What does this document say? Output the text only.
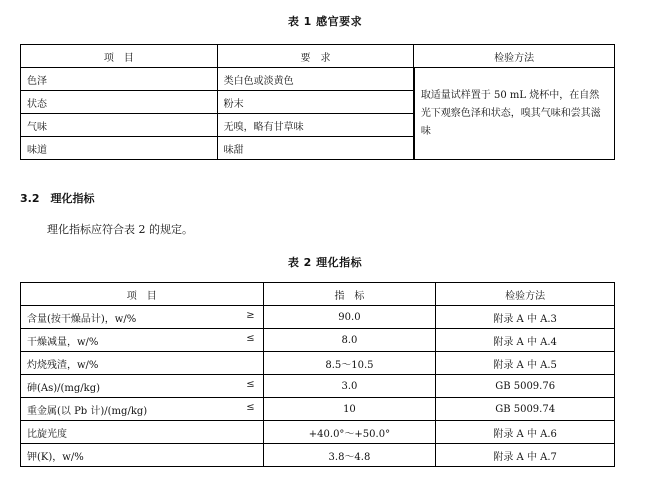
表 1 感官要求
项　目	要　求	检验方法
色泽	类白色或淡黄色	取适量试样置于 50 mL 烧杯中，在自然光下观察色泽和状态，嗅其气味和尝其滋味
状态	粉末	
气味	无嗅，略有甘草味	
味道	味甜	
3.2　理化指标
理化指标应符合表 2 的规定。
表 2 理化指标
项　目	指　标	检验方法
含量(按干燥品计)，w/% ≥	90.0	附录 A 中 A.3
干燥减量，w/% ≤	8.0	附录 A 中 A.4
灼烧残渣，w/%	8.5～10.5	附录 A 中 A.5
砷(As)/(mg/kg) ≤	3.0	GB 5009.76
重金属(以 Pb 计)/(mg/kg) ≤	10	GB 5009.74
比旋光度	+40.0°～+50.0°	附录 A 中 A.6
钾(K)，w/%	3.8～4.8	附录 A 中 A.7
